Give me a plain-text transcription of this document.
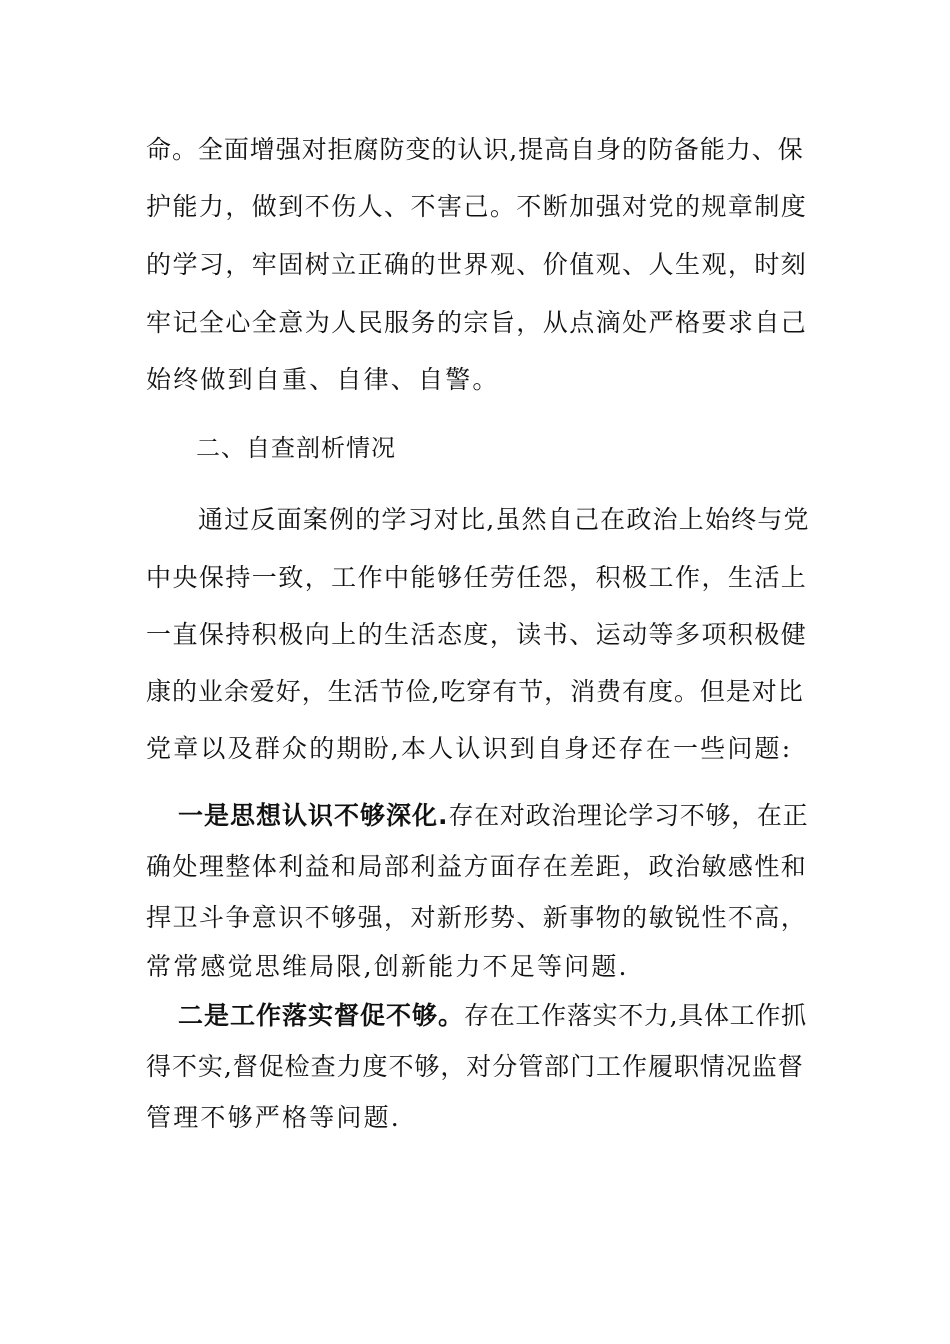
命。全面增强对拒腐防变的认识,提高自身的防备能力、保
护能力，做到不伤人、不害己。不断加强对党的规章制度
的学习，牢固树立正确的世界观、价值观、人生观，时刻
牢记全心全意为人民服务的宗旨，从点滴处严格要求自己
始终做到自重、自律、自警。
二、自查剖析情况
通过反面案例的学习对比,虽然自己在政治上始终与党
中央保持一致，工作中能够任劳任怨，积极工作，生活上
一直保持积极向上的生活态度，读书、运动等多项积极健
康的业余爱好，生活节俭,吃穿有节，消费有度。但是对比
党章以及群众的期盼,本人认识到自身还存在一些问题:
一是思想认识不够深化.存在对政治理论学习不够，在正
确处理整体利益和局部利益方面存在差距，政治敏感性和
捍卫斗争意识不够强，对新形势、新事物的敏锐性不高，
常常感觉思维局限,创新能力不足等问题.
二是工作落实督促不够。存在工作落实不力,具体工作抓
得不实,督促检查力度不够，对分管部门工作履职情况监督
管理不够严格等问题.
